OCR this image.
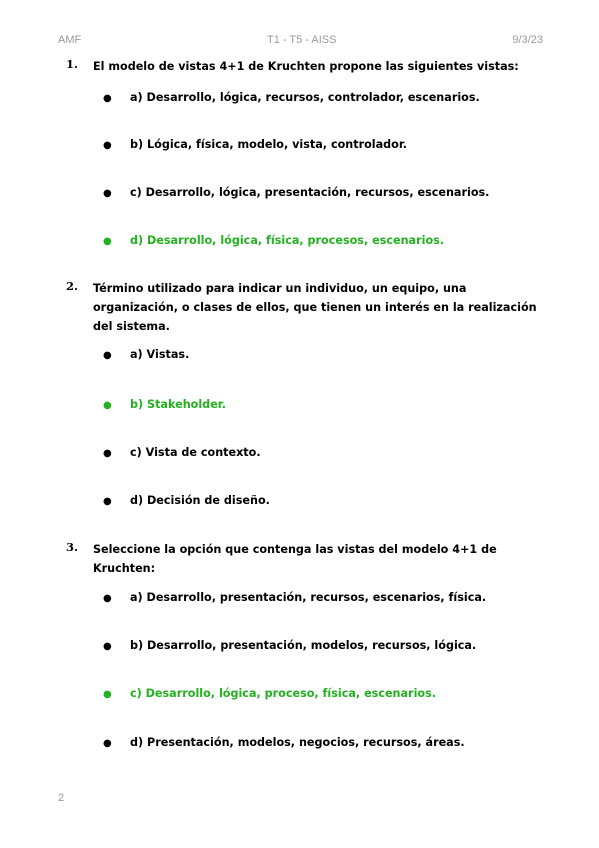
AMF	T1 - T5 - AISS	9/3/23
1. El modelo de vistas 4+1 de Kruchten propone las siguientes vistas:
● a) Desarrollo, lógica, recursos, controlador, escenarios.
● b) Lógica, física, modelo, vista, controlador.
● c) Desarrollo, lógica, presentación, recursos, escenarios.
● d) Desarrollo, lógica, física, procesos, escenarios.
2. Término utilizado para indicar un individuo, un equipo, una organización, o clases de ellos, que tienen un interés en la realización del sistema.
● a) Vistas.
● b) Stakeholder.
● c) Vista de contexto.
● d) Decisión de diseño.
3. Seleccione la opción que contenga las vistas del modelo 4+1 de Kruchten:
● a) Desarrollo, presentación, recursos, escenarios, física.
● b) Desarrollo, presentación, modelos, recursos, lógica.
● c) Desarrollo, lógica, proceso, física, escenarios.
● d) Presentación, modelos, negocios, recursos, áreas.
2
